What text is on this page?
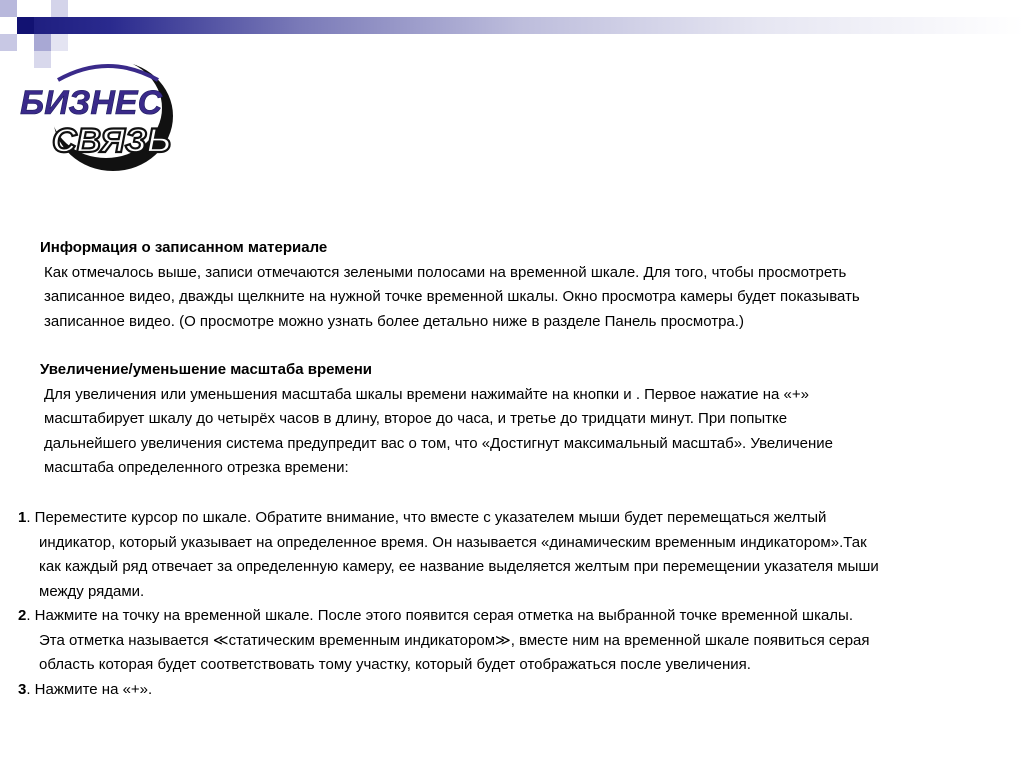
БИЗНЕС
СВЯЗЬ
Информация о записанном материале
Как отмечалось выше, записи отмечаются зелеными полосами на временной шкале. Для того, чтобы просмотреть
записанное видео, дважды щелкните на нужной точке временной шкалы. Окно просмотра камеры будет показывать
записанное видео. (О просмотре можно узнать более детально ниже в разделе Панель просмотра.)
Увеличение/уменьшение масштаба времени
Для увеличения или уменьшения масштаба шкалы времени нажимайте на кнопки и . Первое нажатие на «+»
масштабирует шкалу до четырёх часов в длину, второе до часа, и третье до тридцати минут. При попытке
дальнейшего увеличения система предупредит вас о том, что «Достигнут максимальный масштаб». Увеличение
масштаба определенного отрезка времени:
1. Переместите курсор по шкале. Обратите внимание, что вместе с указателем мыши будет перемещаться желтый
индикатор, который указывает на определенное время. Он называется «динамическим временным индикатором».Так
как каждый ряд отвечает за определенную камеру, ее название выделяется желтым при перемещении указателя мыши
между рядами.
2. Нажмите на точку на временной шкале. После этого появится серая отметка на выбранной точке временной шкалы.
Эта отметка называется ≪статическим временным индикатором≫, вместе ним на временной шкале появиться серая
область которая будет соответствовать тому участку, который будет отображаться после увеличения.
3. Нажмите на «+».
